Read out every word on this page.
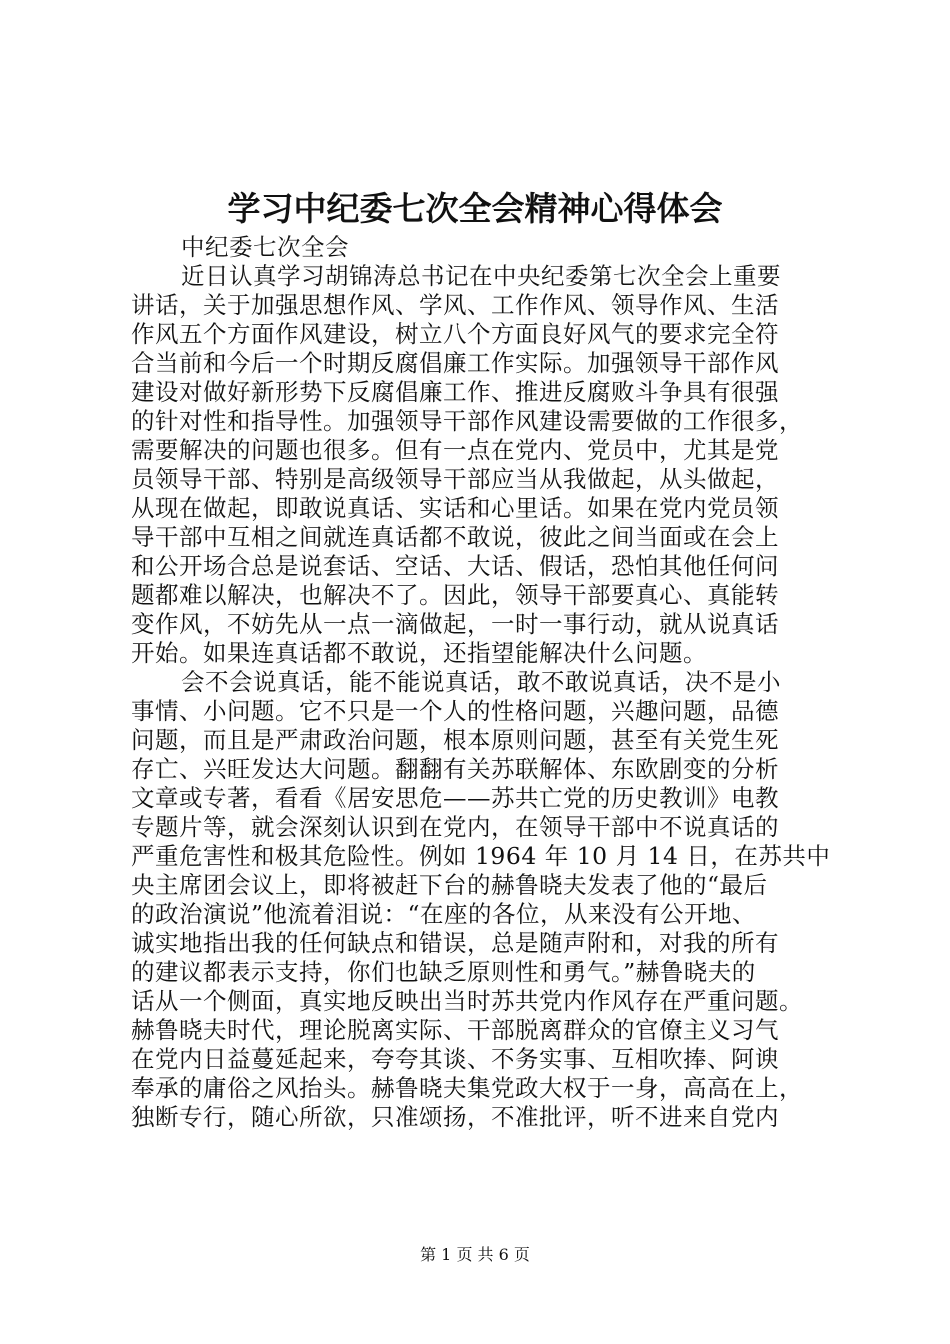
学习中纪委七次全会精神心得体会
中纪委七次全会
近日认真学习胡锦涛总书记在中央纪委第七次全会上重要
讲话，关于加强思想作风、学风、工作作风、领导作风、生活
作风五个方面作风建设，树立八个方面良好风气的要求完全符
合当前和今后一个时期反腐倡廉工作实际。加强领导干部作风
建设对做好新形势下反腐倡廉工作、推进反腐败斗争具有很强
的针对性和指导性。加强领导干部作风建设需要做的工作很多，
需要解决的问题也很多。但有一点在党内、党员中，尤其是党
员领导干部、特别是高级领导干部应当从我做起，从头做起，
从现在做起，即敢说真话、实话和心里话。如果在党内党员领
导干部中互相之间就连真话都不敢说，彼此之间当面或在会上
和公开场合总是说套话、空话、大话、假话，恐怕其他任何问
题都难以解决，也解决不了。因此，领导干部要真心、真能转
变作风，不妨先从一点一滴做起，一时一事行动，就从说真话
开始。如果连真话都不敢说，还指望能解决什么问题。
会不会说真话，能不能说真话，敢不敢说真话，决不是小
事情、小问题。它不只是一个人的性格问题，兴趣问题，品德
问题，而且是严肃政治问题，根本原则问题，甚至有关党生死
存亡、兴旺发达大问题。翻翻有关苏联解体、东欧剧变的分析
文章或专著，看看《居安思危——苏共亡党的历史教训》电教
专题片等，就会深刻认识到在党内，在领导干部中不说真话的
严重危害性和极其危险性。例如 1964 年 10 月 14 日，在苏共中
央主席团会议上，即将被赶下台的赫鲁晓夫发表了他的“最后
的政治演说”他流着泪说：“在座的各位，从来没有公开地、
诚实地指出我的任何缺点和错误，总是随声附和，对我的所有
的建议都表示支持，你们也缺乏原则性和勇气。”赫鲁晓夫的
话从一个侧面，真实地反映出当时苏共党内作风存在严重问题。
赫鲁晓夫时代，理论脱离实际、干部脱离群众的官僚主义习气
在党内日益蔓延起来，夸夸其谈、不务实事、互相吹捧、阿谀
奉承的庸俗之风抬头。赫鲁晓夫集党政大权于一身，高高在上，
独断专行，随心所欲，只准颂扬，不准批评，听不进来自党内
第 1 页 共 6 页
